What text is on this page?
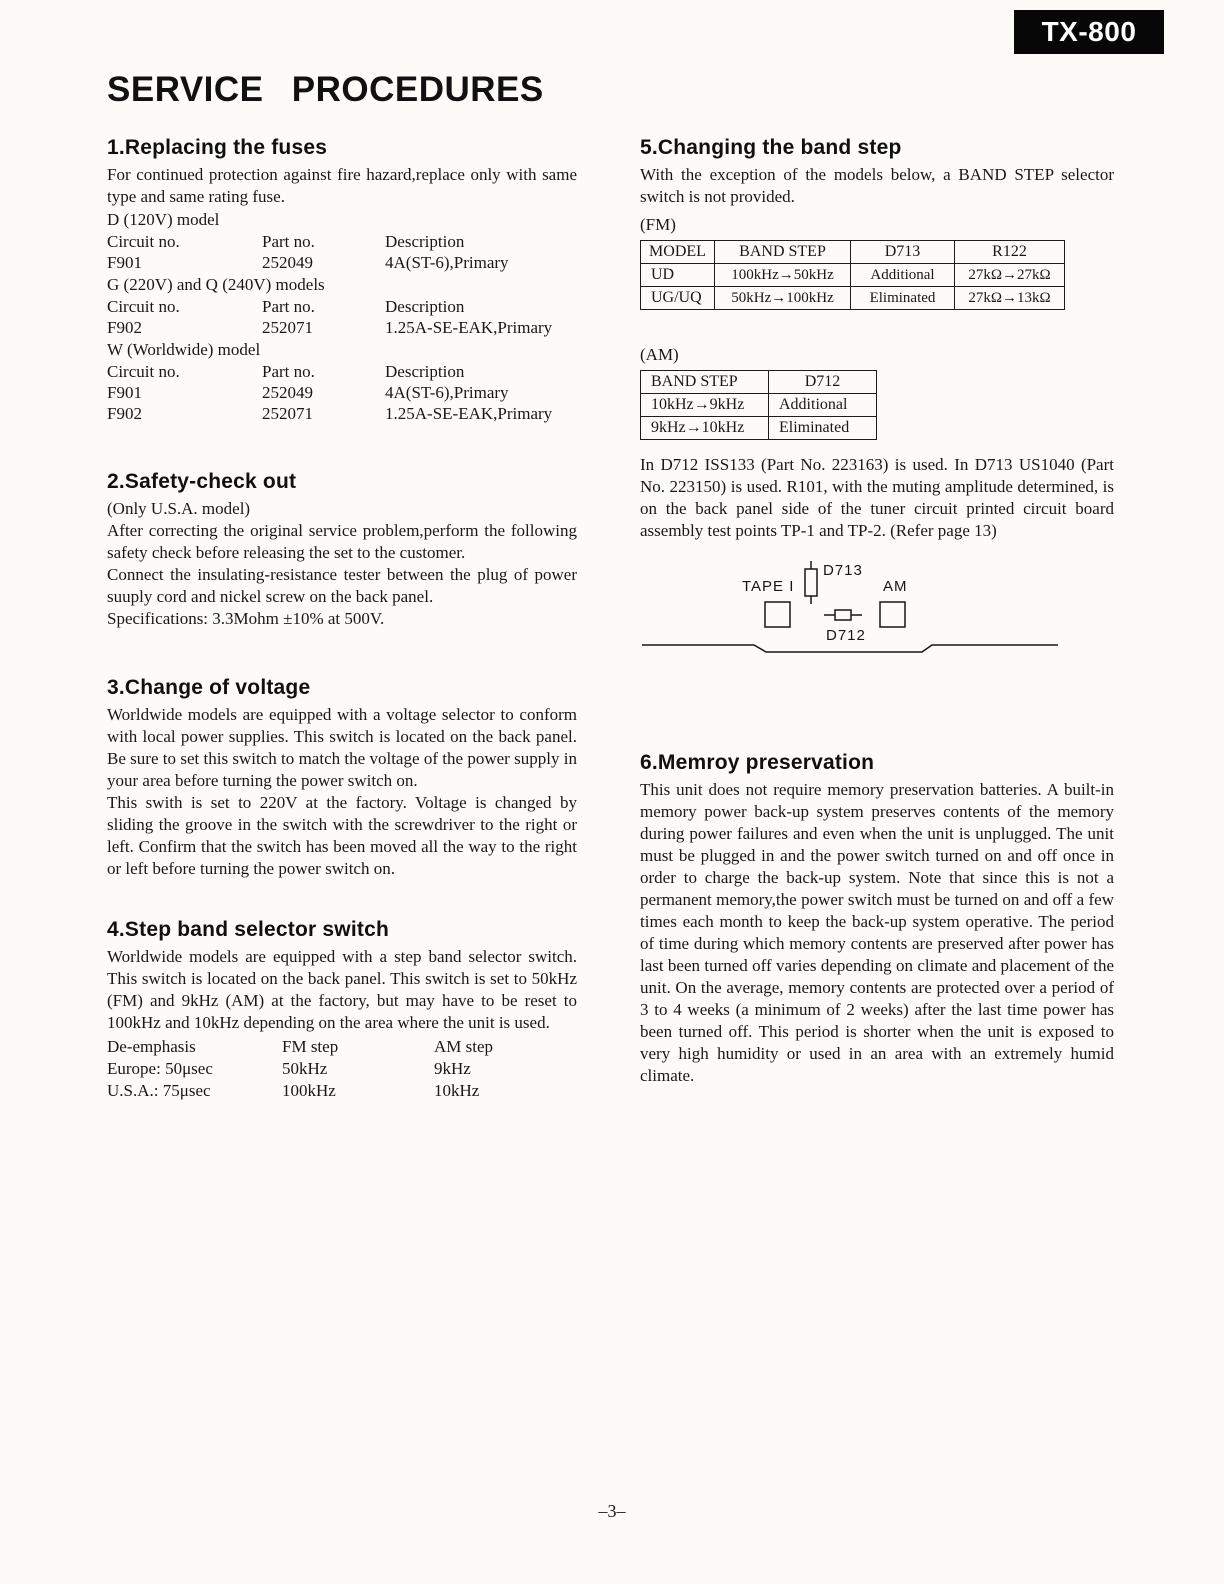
TX-800
SERVICE PROCEDURES
1.Replacing the fuses

For continued protection against fire hazard,replace only with same type and same rating fuse.

D (120V) model

Circuit no.	Part no.	Description
F901	252049	4A(ST-6),Primary

G (220V) and Q (240V) models

Circuit no.	Part no.	Description
F902	252071	1.25A-SE-EAK,Primary

W (Worldwide) model

Circuit no.	Part no.	Description
F901	252049	4A(ST-6),Primary
F902	252071	1.25A-SE-EAK,Primary
2.Safety-check out

(Only U.S.A. model)

After correcting the original service problem,perform the following safety check before releasing the set to the customer.

Connect the insulating-resistance tester between the plug of power suuply cord and nickel screw on the back panel.

Specifications: 3.3Mohm ±10% at 500V.

3.Change of voltage

Worldwide models are equipped with a voltage selector to conform with local power supplies. This switch is located on the back panel. Be sure to set this switch to match the voltage of the power supply in your area before turning the power switch on.

This swith is set to 220V at the factory. Voltage is changed by sliding the groove in the switch with the screwdriver to the right or left. Confirm that the switch has been moved all the way to the right or left before turning the power switch on.

4.Step band selector switch

Worldwide models are equipped with a step band selector switch. This switch is located on the back panel. This switch is set to 50kHz (FM) and 9kHz (AM) at the factory, but may have to be reset to 100kHz and 10kHz depending on the area where the unit is used.

De-emphasis	FM step	AM step
Europe: 50μsec	50kHz	9kHz
U.S.A.: 75μsec	100kHz	10kHz
5.Changing the band step

With the exception of the models below, a BAND STEP selector switch is not provided.

(FM)

MODEL	BAND STEP	D713	R122
UD	100kHz→50kHz	Additional	27kΩ→27kΩ
UG/UQ	50kHz→100kHz	Eliminated	27kΩ→13kΩ

(AM)

BAND STEP	D712
10kHz→9kHz	Additional
9kHz→10kHz	Eliminated

In D712 ISS133 (Part No. 223163) is used. In D713 US1040 (Part No. 223150) is used. R101, with the muting amplitude determined, is on the back panel side of the tuner circuit printed circuit board assembly test points TP-1 and TP-2. (Refer page 13)

TAPE I
D713
AM
D712
6.Memroy preservation

This unit does not require memory preservation batteries. A built-in memory power back-up system preserves contents of the memory during power failures and even when the unit is unplugged. The unit must be plugged in and the power switch turned on and off once in order to charge the back-up system. Note that since this is not a permanent memory,the power switch must be turned on and off a few times each month to keep the back-up system operative. The period of time during which memory contents are preserved after power has last been turned off varies depending on climate and placement of the unit. On the average, memory contents are protected over a period of 3 to 4 weeks (a minimum of 2 weeks) after the last time power has been turned off. This period is shorter when the unit is exposed to very high humidity or used in an area with an extremely humid climate.

–3–
